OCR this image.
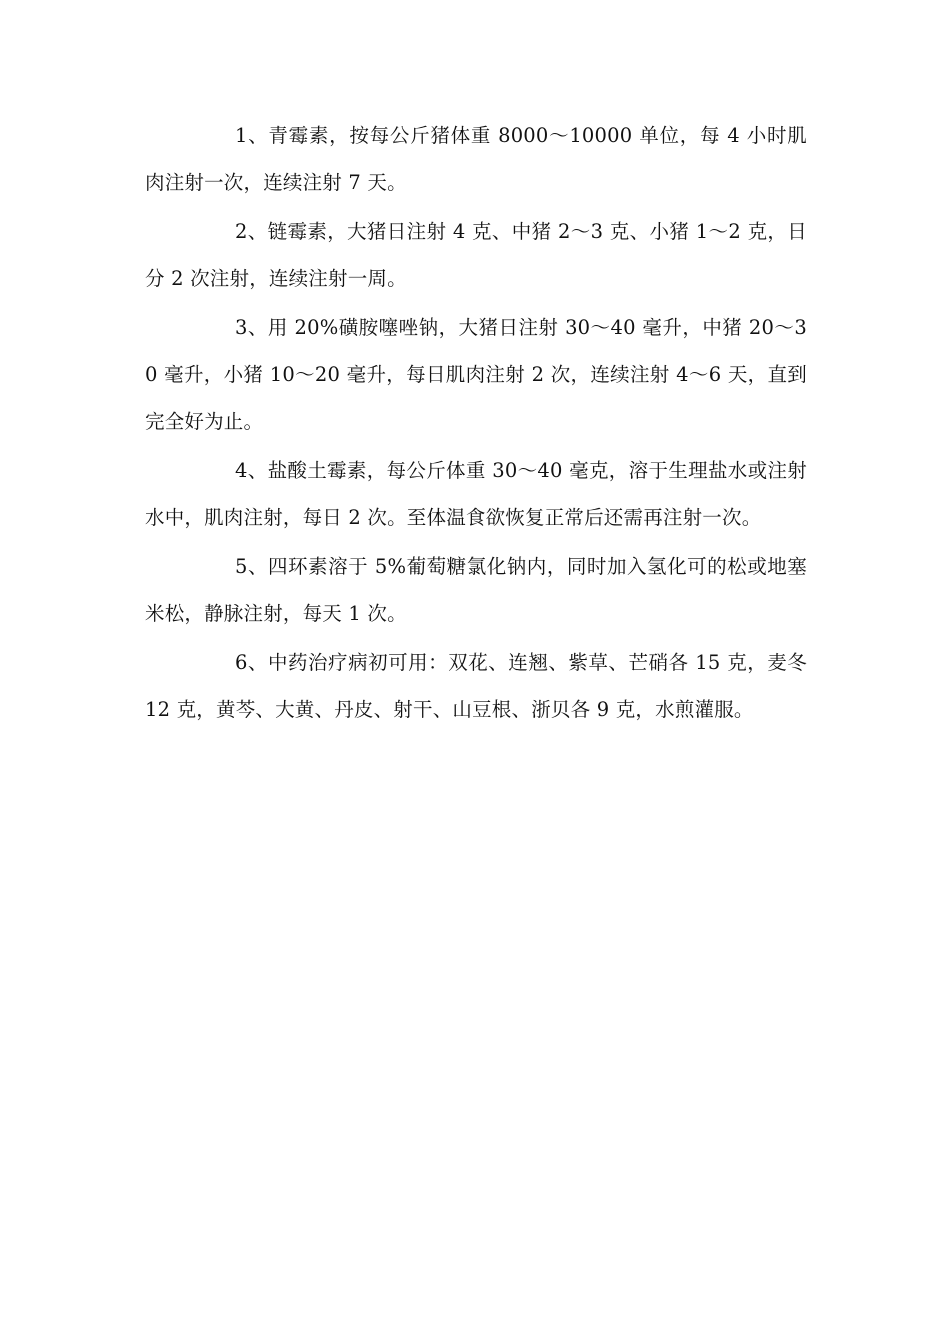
1、青霉素，按每公斤猪体重 8000～10000 单位，每 4 小时肌肉注射一次，连续注射 7 天。

2、链霉素，大猪日注射 4 克、中猪 2～3 克、小猪 1～2 克，日分 2 次注射，连续注射一周。

3、用 20%磺胺噻唑钠，大猪日注射 30～40 毫升，中猪 20～30 毫升，小猪 10～20 毫升，每日肌肉注射 2 次，连续注射 4～6 天，直到完全好为止。

4、盐酸土霉素，每公斤体重 30～40 毫克，溶于生理盐水或注射水中，肌肉注射，每日 2 次。至体温食欲恢复正常后还需再注射一次。

5、四环素溶于 5%葡萄糖氯化钠内，同时加入氢化可的松或地塞米松，静脉注射，每天 1 次。

6、中药治疗病初可用：双花、连翘、紫草、芒硝各 15 克，麦冬 12 克，黄芩、大黄、丹皮、射干、山豆根、浙贝各 9 克，水煎灌服。
